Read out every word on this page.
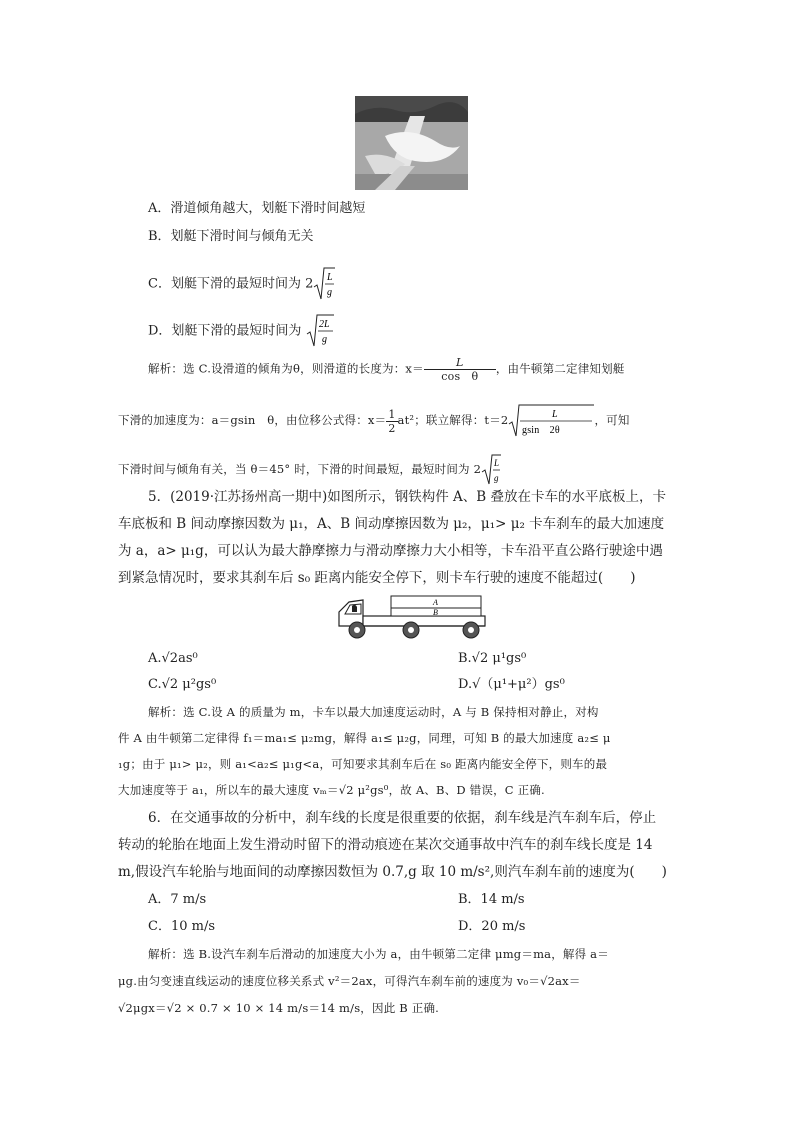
A．滑道倾角越大，划艇下滑时间越短
B．划艇下滑时间与倾角无关
C．划艇下滑的最短时间为 2 L
g
D．划艇下滑的最短时间为 2L
g
解析：选 C.设滑道的倾角为θ，则滑道的长度为：$x= \frac{L}{\text{cos　θ}}$ ，由牛顿第二定律知划艇
下滑的加速度为：a＝gsin　θ，由位移公式得：$x= \frac{1}{2} at^2$；联立解得：t＝2	L
gsin　2θ
，可知
下滑时间与倾角有关，当 θ＝45° 时，下滑的时间最短，最短时间为 2 L
g
5．(2019·江苏扬州高一期中)如图所示，钢铁构件 A、B 叠放在卡车的水平底板上，卡
车底板和 B 间动摩擦因数为 μ₁，A、B 间动摩擦因数为 μ₂，μ₁> μ₂ 卡车刹车的最大加速度
为 a，a> μ₁g，可以认为最大静摩擦力与滑动摩擦力大小相等，卡车沿平直公路行驶途中遇
到紧急情况时，要求其刹车后 s₀ 距离内能安全停下，则卡车行驶的速度不能超过(　　)
A
B
A.√2as⁰	B.√2 μ¹gs⁰
C.√2 μ²gs⁰	D.√（μ¹+μ²）gs⁰
解析：选 C.设 A 的质量为 m，卡车以最大加速度运动时，A 与 B 保持相对静止，对构
件 A 由牛顿第二定律得 f₁＝ma₁≤ μ₂mg，解得 a₁≤ μ₂g，同理，可知 B 的最大加速度 a₂≤ μ
₁g；由于 μ₁> μ₂，则 a₁<a₂≤ μ₁g<a，可知要求其刹车后在 s₀ 距离内能安全停下，则车的最
大加速度等于 a₁，所以车的最大速度 vₘ＝√2 μ²gs⁰，故 A、B、D 错误，C 正确.
6．在交通事故的分析中，刹车线的长度是很重要的依据，刹车线是汽车刹车后，停止
转动的轮胎在地面上发生滑动时留下的滑动痕迹在某次交通事故中汽车的刹车线长度是 14
m,假设汽车轮胎与地面间的动摩擦因数恒为 0.7,g 取 10 m/s²,则汽车刹车前的速度为(　　)
A．7 m/s	B．14 m/s
C．10 m/s	D．20 m/s
解析：选 B.设汽车刹车后滑动的加速度大小为 a，由牛顿第二定律 μmg＝ma，解得 a＝
μg.由匀变速直线运动的速度位移关系式 v²＝2ax，可得汽车刹车前的速度为 v₀＝√2ax＝
√2μgx＝√2 × 0.7 × 10 × 14 m/s＝14 m/s，因此 B 正确.
